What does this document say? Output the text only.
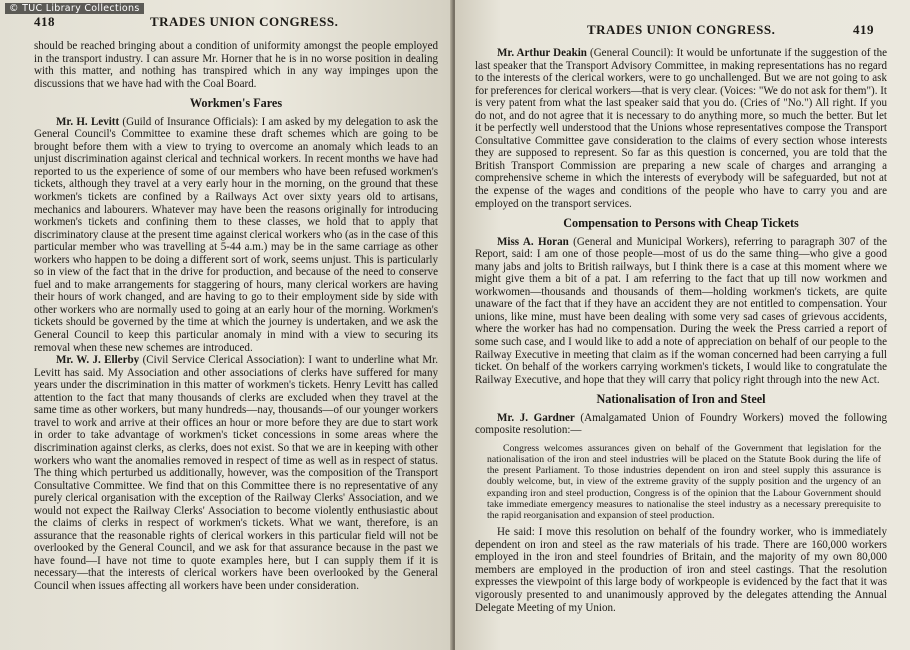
© TUC Library Collections
418	TRADES UNION CONGRESS.

should be reached bringing about a condition of uniformity amongst the people employed in the transport industry. I can assure Mr. Horner that he is in no worse position in dealing with this matter, and nothing has transpired which in any way impinges upon the discussions that we have had with the Coal Board.

Workmen's Fares

Mr. H. Levitt (Guild of Insurance Officials): I am asked by my delegation to ask the General Council's Committee to examine these draft schemes which are going to be brought before them with a view to trying to overcome an anomaly which leads to an unjust discrimination against clerical and technical workers. In recent months we have had reported to us the experience of some of our members who have been refused workmen's tickets, although they travel at a very early hour in the morning, on the ground that these workmen's tickets are confined by a Railways Act over sixty years old to artisans, mechanics and labourers. Whatever may have been the reasons originally for introducing workmen's tickets and confining them to these classes, we hold that to apply that discriminatory clause at the present time against clerical workers who (as in the case of this particular member who was travelling at 5-44 a.m.) may be in the same carriage as other workers who happen to be doing a different sort of work, seems unjust. This is particularly so in view of the fact that in the drive for production, and because of the need to conserve fuel and to make arrangements for staggering of hours, many clerical workers are having their hours of work changed, and are having to go to their employment side by side with other workers who are normally used to going at an early hour of the morning. Workmen's tickets should be governed by the time at which the journey is undertaken, and we ask the General Council to keep this particular anomaly in mind with a view to securing its removal when these new schemes are introduced.

Mr. W. J. Ellerby (Civil Service Clerical Association): I want to underline what Mr. Levitt has said. My Association and other associations of clerks have suffered for many years under the discrimination in this matter of workmen's tickets. Henry Levitt has called attention to the fact that many thousands of clerks are excluded when they travel at the same time as other workers, but many hundreds—nay, thousands—of our younger workers travel to work and arrive at their offices an hour or more before they are due to start work in order to take advantage of workmen's ticket concessions in some areas where the discrimination against clerks, as clerks, does not exist. So that we are in keeping with other workers who want the anomalies removed in respect of time as well as in respect of status. The thing which perturbed us additionally, however, was the composition of the Transport Consultative Committee. We find that on this Committee there is no representative of any purely clerical organisation with the exception of the Railway Clerks' Association, and we would not expect the Railway Clerks' Association to become violently enthusiastic about the claims of clerks in respect of workmen's tickets. What we want, therefore, is an assurance that the reasonable rights of clerical workers in this particular field will not be overlooked by the General Council, and we ask for that assurance because in the past we have found—I have not time to quote examples here, but I can supply them if it is necessary—that the interests of clerical workers have been overlooked by the General Council when issues affecting all workers have been under consideration.

TRADES UNION CONGRESS.	419

Mr. Arthur Deakin (General Council): It would be unfortunate if the suggestion of the last speaker that the Transport Advisory Committee, in making representations has no regard to the interests of the clerical workers, were to go unchallenged. But we are not going to ask for preferences for clerical workers—that is very clear. (Voices: "We do not ask for them"). It is very patent from what the last speaker said that you do. (Cries of "No.") All right. If you do not, and do not agree that it is necessary to do anything more, so much the better. But let it be perfectly well understood that the Unions whose representatives compose the Transport Consultative Committee gave consideration to the claims of every section whose interests they are supposed to represent. So far as this question is concerned, you are told that the British Transport Commission are preparing a new scale of charges and arranging a comprehensive scheme in which the interests of everybody will be safeguarded, but not at the expense of the wages and conditions of the people who have to carry you and are employed on the transport services.

Compensation to Persons with Cheap Tickets

Miss A. Horan (General and Municipal Workers), referring to paragraph 307 of the Report, said: I am one of those people—most of us do the same thing—who give a good many jabs and jolts to British railways, but I think there is a case at this moment where we might give them a bit of a pat. I am referring to the fact that up till now workmen and workwomen—thousands and thousands of them—holding workmen's tickets, are quite unaware of the fact that if they have an accident they are not entitled to compensation. Your unions, like mine, must have been dealing with some very sad cases of grievous accidents, where the worker has had no compensation. During the week the Press carried a report of some such case, and I would like to add a note of appreciation on behalf of our people to the Railway Executive in meeting that claim as if the woman concerned had been carrying a full ticket. On behalf of the workers carrying workmen's tickets, I would like to congratulate the Railway Executive, and hope that they will carry that policy right through into the new Act.

Nationalisation of Iron and Steel

Mr. J. Gardner (Amalgamated Union of Foundry Workers) moved the following composite resolution:—

Congress welcomes assurances given on behalf of the Government that legislation for the nationalisation of the iron and steel industries will be placed on the Statute Book during the life of the present Parliament. To those industries dependent on iron and steel supply this assurance is doubly welcome, but, in view of the extreme gravity of the supply position and the urgency of an expanding iron and steel production, Congress is of the opinion that the Labour Government should take immediate emergency measures to nationalise the steel industry as a necessary prerequisite to the rapid reorganisation and expansion of steel production.

He said: I move this resolution on behalf of the foundry worker, who is immediately dependent on iron and steel as the raw materials of his trade. There are 160,000 workers employed in the iron and steel foundries of Britain, and the majority of my own 80,000 members are employed in the production of iron and steel castings. That the resolution expresses the viewpoint of this large body of workpeople is evidenced by the fact that it was vigorously presented to and unanimously approved by the delegates attending the Annual Delegate Meeting of my Union.
